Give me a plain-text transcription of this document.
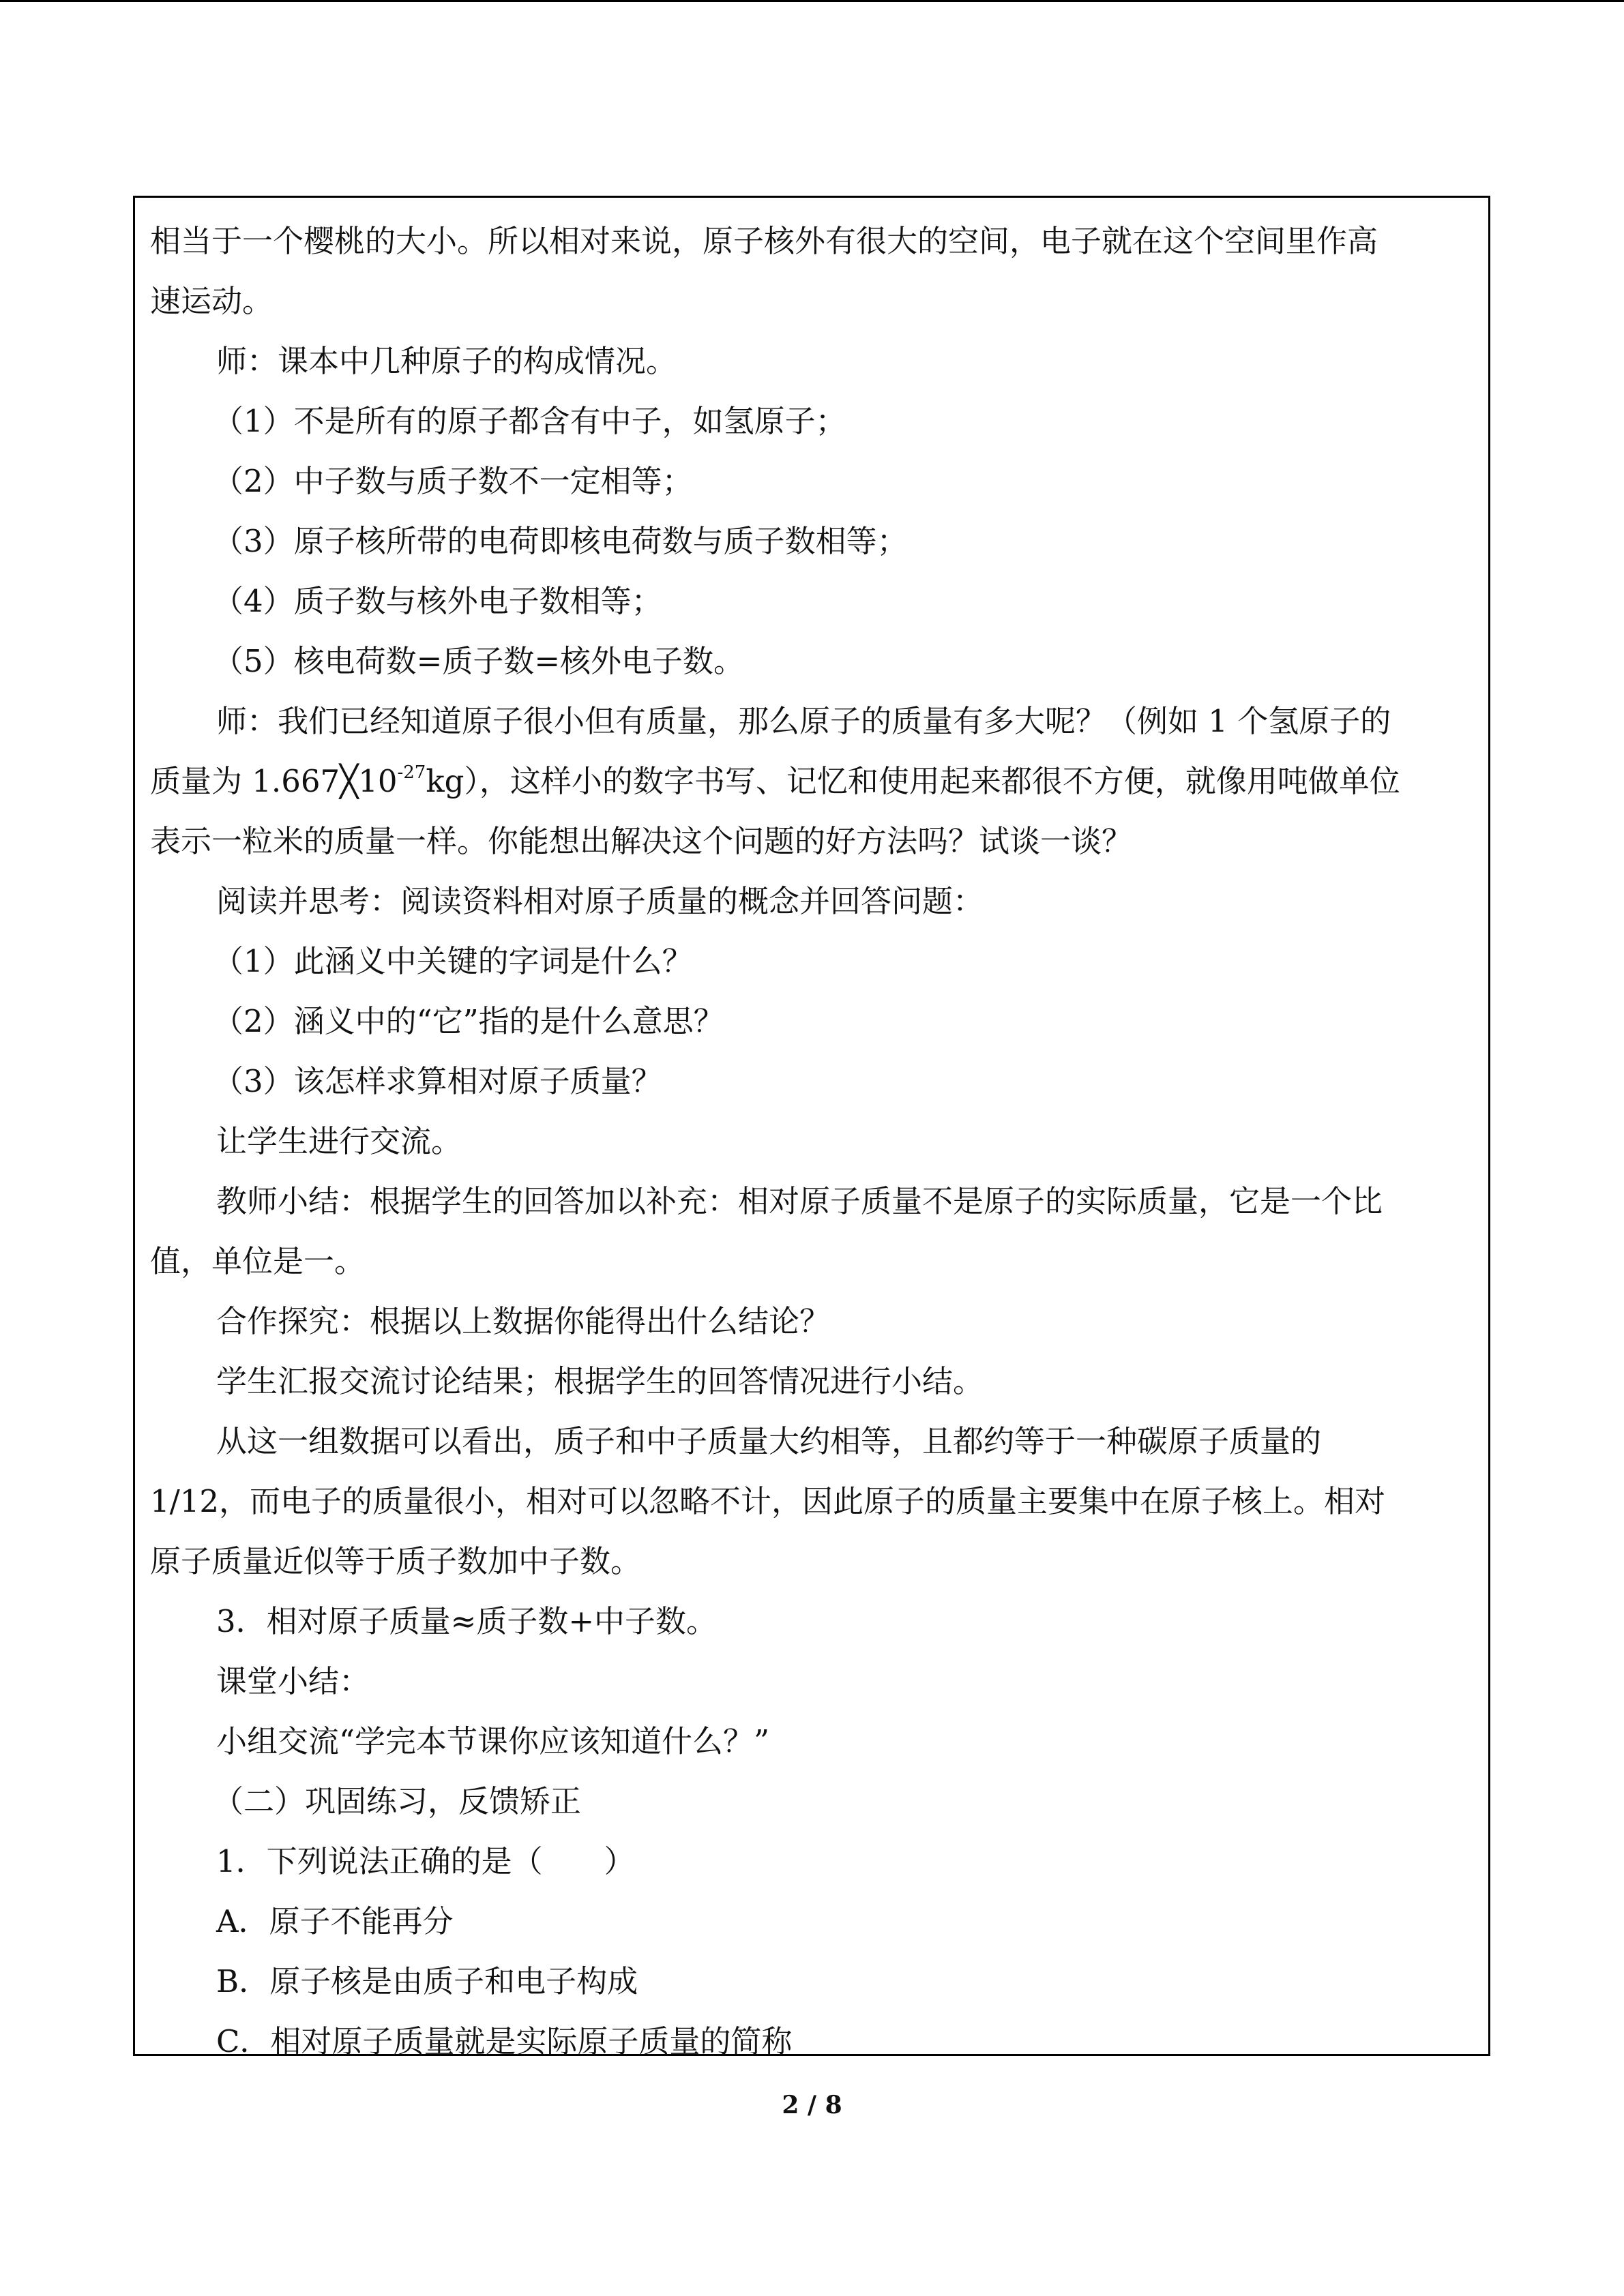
相当于一个樱桃的大小。所以相对来说，原子核外有很大的空间，电子就在这个空间里作高
速运动。
师：课本中几种原子的构成情况。
（1）不是所有的原子都含有中子，如氢原子；
（2）中子数与质子数不一定相等；
（3）原子核所带的电荷即核电荷数与质子数相等；
（4）质子数与核外电子数相等；
（5）核电荷数=质子数=核外电子数。
师：我们已经知道原子很小但有质量，那么原子的质量有多大呢？（例如 1 个氢原子的
质量为 $1.667╳10^{-27}kg$），这样小的数字书写、记忆和使用起来都很不方便，就像用吨做单位
表示一粒米的质量一样。你能想出解决这个问题的好方法吗？试谈一谈？
阅读并思考：阅读资料相对原子质量的概念并回答问题：
（1）此涵义中关键的字词是什么？
（2）涵义中的“它”指的是什么意思？
（3）该怎样求算相对原子质量？
让学生进行交流。
教师小结：根据学生的回答加以补充：相对原子质量不是原子的实际质量，它是一个比
值，单位是一。
合作探究：根据以上数据你能得出什么结论？
学生汇报交流讨论结果；根据学生的回答情况进行小结。
从这一组数据可以看出，质子和中子质量大约相等，且都约等于一种碳原子质量的
1/12，而电子的质量很小，相对可以忽略不计，因此原子的质量主要集中在原子核上。相对
原子质量近似等于质子数加中子数。
3．相对原子质量≈质子数+中子数。
课堂小结：
小组交流“学完本节课你应该知道什么？”
（二）巩固练习，反馈矫正
1．下列说法正确的是（　　）
A．原子不能再分
B．原子核是由质子和电子构成
C．相对原子质量就是实际原子质量的简称
2 / 8
